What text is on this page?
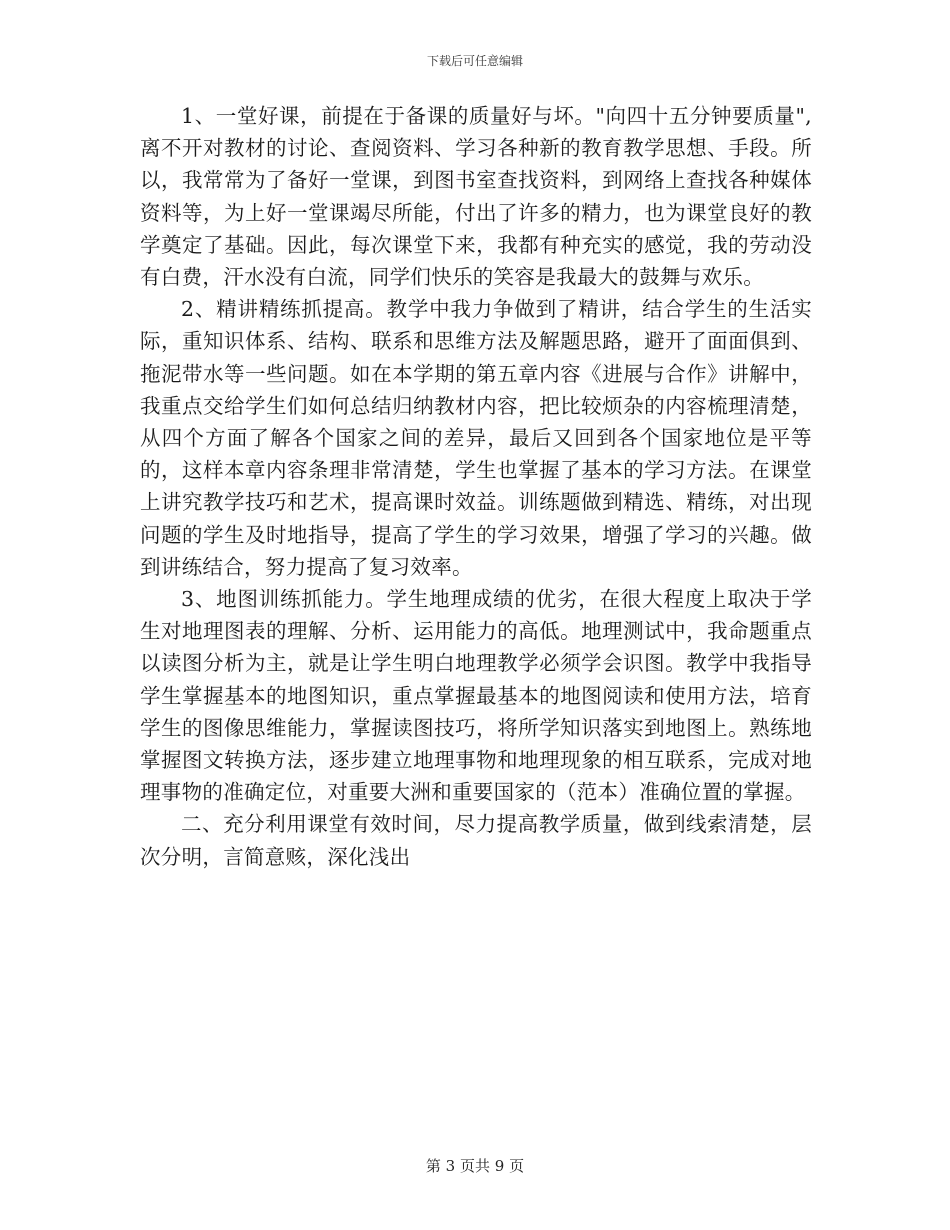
下载后可任意编辑

1、一堂好课，前提在于备课的质量好与坏。"向四十五分钟要质量",离不开对教材的讨论、查阅资料、学习各种新的教育教学思想、手段。所以，我常常为了备好一堂课，到图书室查找资料，到网络上查找各种媒体资料等，为上好一堂课竭尽所能，付出了许多的精力，也为课堂良好的教学奠定了基础。因此，每次课堂下来，我都有种充实的感觉，我的劳动没有白费，汗水没有白流，同学们快乐的笑容是我最大的鼓舞与欢乐。

2、精讲精练抓提高。教学中我力争做到了精讲，结合学生的生活实际，重知识体系、结构、联系和思维方法及解题思路，避开了面面俱到、拖泥带水等一些问题。如在本学期的第五章内容《进展与合作》讲解中，我重点交给学生们如何总结归纳教材内容，把比较烦杂的内容梳理清楚，从四个方面了解各个国家之间的差异，最后又回到各个国家地位是平等的，这样本章内容条理非常清楚，学生也掌握了基本的学习方法。在课堂上讲究教学技巧和艺术，提高课时效益。训练题做到精选、精练，对出现问题的学生及时地指导，提高了学生的学习效果，增强了学习的兴趣。做到讲练结合，努力提高了复习效率。

3、地图训练抓能力。学生地理成绩的优劣，在很大程度上取决于学生对地理图表的理解、分析、运用能力的高低。地理测试中，我命题重点以读图分析为主，就是让学生明白地理教学必须学会识图。教学中我指导学生掌握基本的地图知识，重点掌握最基本的地图阅读和使用方法，培育学生的图像思维能力，掌握读图技巧，将所学知识落实到地图上。熟练地掌握图文转换方法，逐步建立地理事物和地理现象的相互联系，完成对地理事物的准确定位，对重要大洲和重要国家的（范本）准确位置的掌握。

二、充分利用课堂有效时间，尽力提高教学质量，做到线索清楚，层次分明，言简意赅，深化浅出

第 3 页共 9 页
